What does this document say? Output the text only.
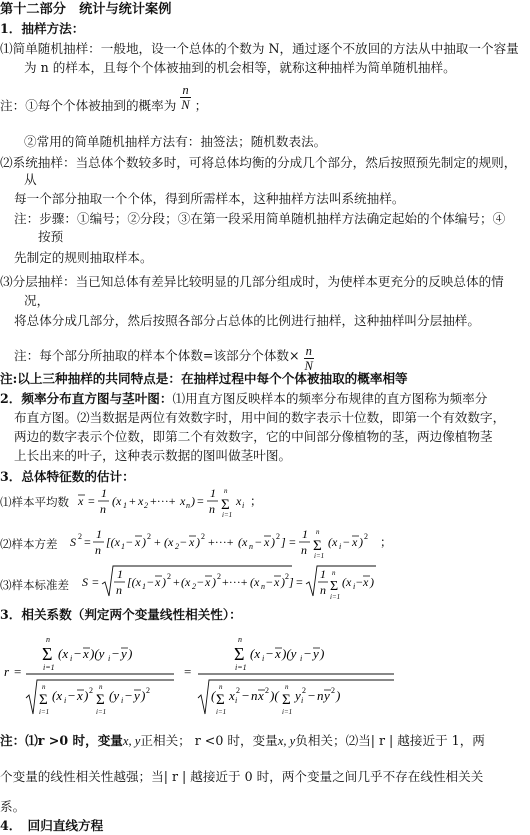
第十二部分　统计与统计案例
1．抽样方法：
⑴简单随机抽样：一般地，设一个总体的个数为 N，通过逐个不放回的方法从中抽取一个容量
为 n 的样本，且每个个体被抽到的机会相等，就称这种抽样为简单随机抽样。
注：①每个个体被抽到的概率为 $\frac{n}{N}$ ；
②常用的简单随机抽样方法有：抽签法；随机数表法。
⑵系统抽样：当总体个数较多时，可将总体均衡的分成几个部分，然后按照预先制定的规则，
从
每一个部分抽取一个个体，得到所需样本，这种抽样方法叫系统抽样。
注：步骤：①编号；②分段；③在第一段采用简单随机抽样方法确定起始的个体编号；④
按预
先制定的规则抽取样本。
⑶分层抽样：当已知总体有差异比较明显的几部分组成时，为使样本更充分的反映总体的情
况，
将总体分成几部分，然后按照各部分占总体的比例进行抽样，这种抽样叫分层抽样。
注：每个部分所抽取的样本个体数=该部分个体数× $\frac{n}{N}$
注:以上三种抽样的共同特点是：在抽样过程中每个个体被抽取的概率相等
2．频率分布直方图与茎叶图：⑴用直方图反映样本的频率分布规律的直方图称为频率分
布直方图。⑵当数据是两位有效数字时，用中间的数字表示十位数，即第一个有效数字，
两边的数字表示个位数，即第二个有效数字，它的中间部分像植物的茎，两边像植物茎
上长出来的叶子，这种表示数据的图叫做茎叶图。
3．总体特征数的估计：
⑴样本平均数 x =
1
n
(x 1 + x 2 +···+ x n ) =
1
n Σ
n
i=1
x i ；
⑵样本方差 S 2 =
1
n
[(x 1 − x ) 2 + (x 2 − x ) 2 +···+ (x n − x ) 2 ] =
1
n Σ
n
i=1
(x i − x ) 2 ；
⑶样本标准差 S =
1
n
[(x 1 − x ) 2 + (x 2 − x ) 2 +···+ (x n − x ) 2 ] =
1
n Σ
n
i=1
(x i − x )
3．相关系数（判定两个变量线性相关性）：
r =
Σ
n
i=1
(x i − x )(y i − y )
Σ
n
i=1
(x i − x ) 2
Σ
n
i=1
(y i − y ) 2
=
Σ
n
i=1
(x i − x )(y i − y )
( Σ
n
i=1
x i
2 − n x 2 )( Σ
n
i=1
y i
2 − n y 2 )
注：⑴r >0 时，变量x, y正相关； r <0 时，变量x, y负相关；⑵当| r | 越接近于 1，两
个变量的线性相关性越强；当| r | 越接近于 0 时，两个变量之间几乎不存在线性相关关
系。
4．　回归直线方程
